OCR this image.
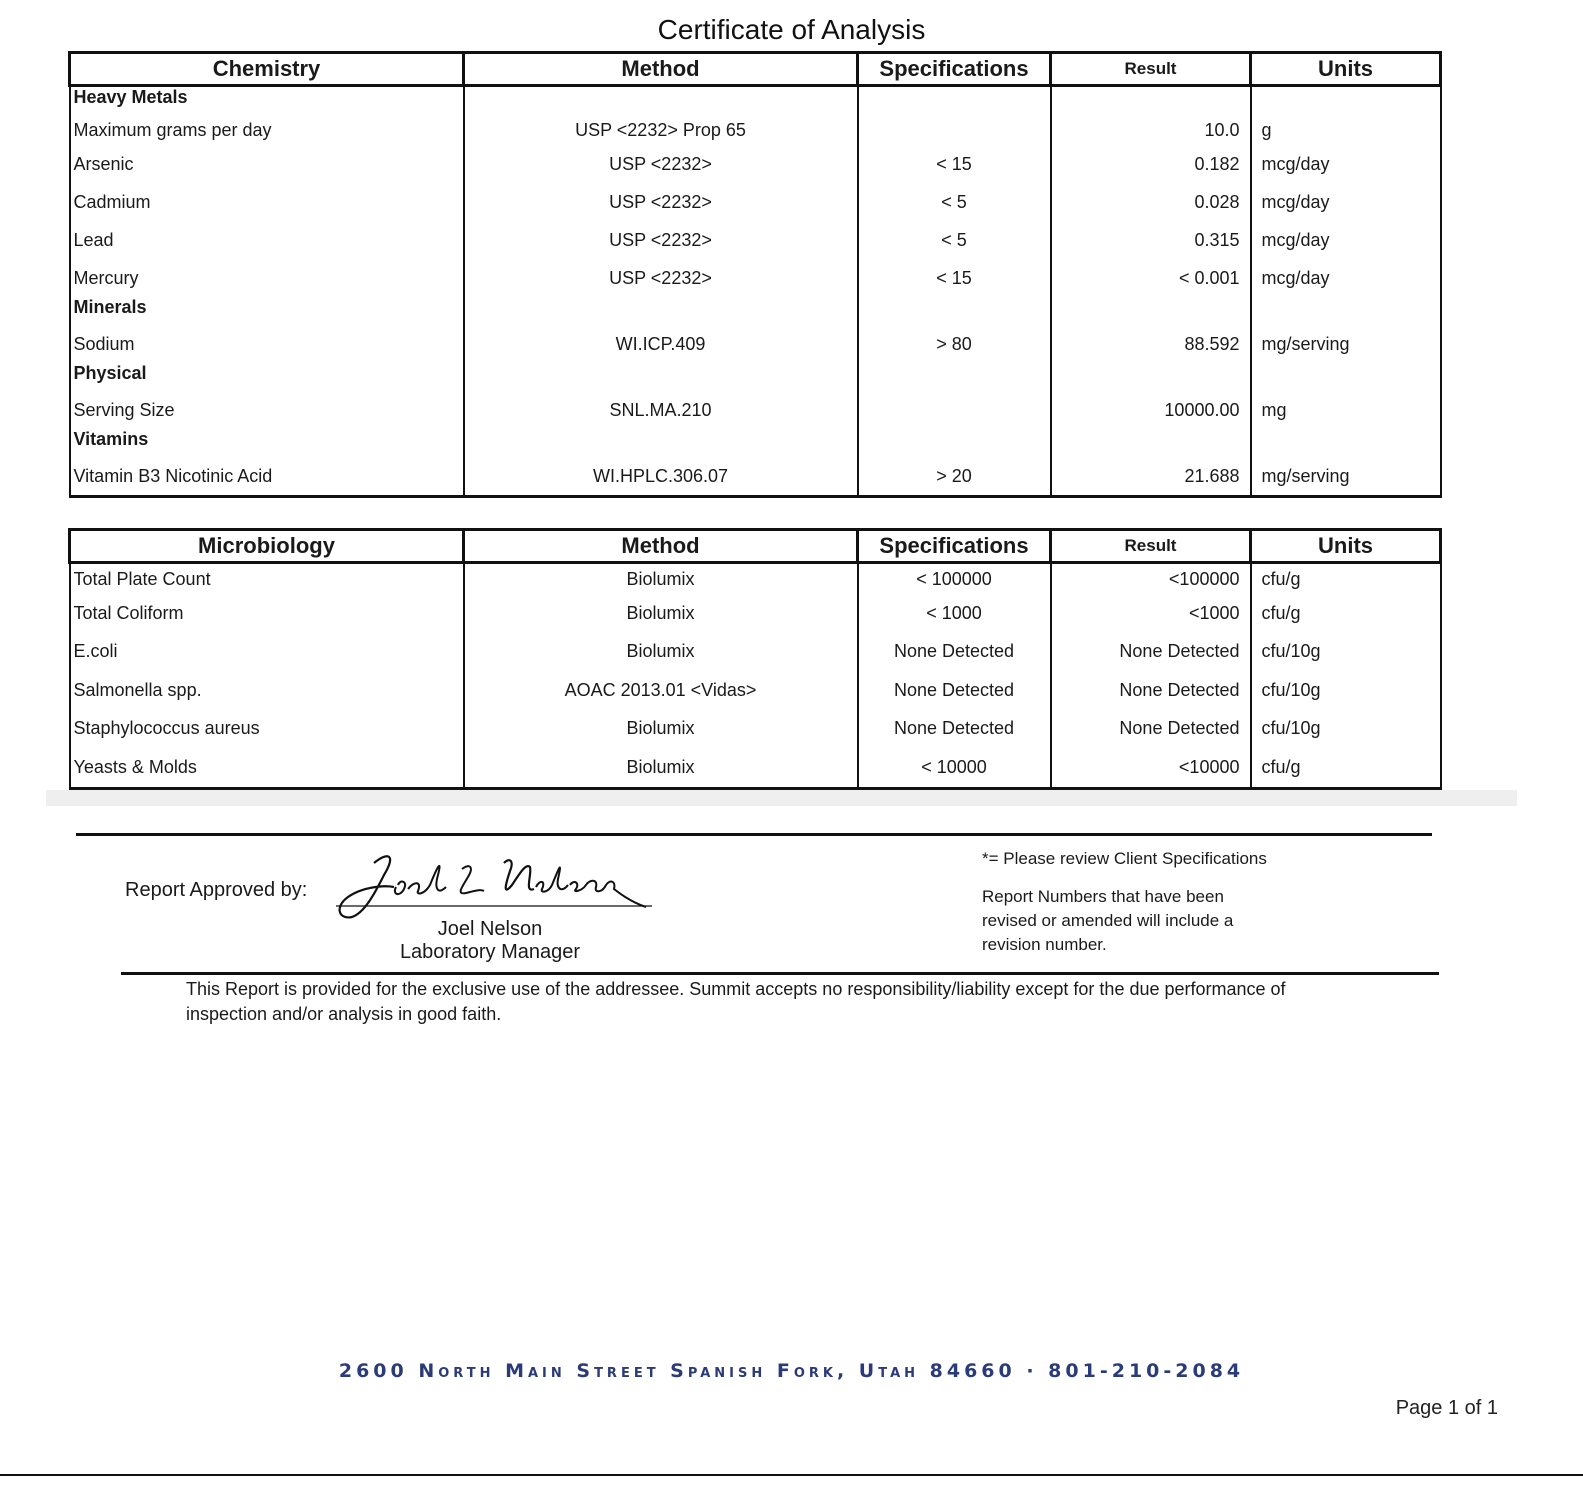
Certificate of Analysis
Chemistry	Method	Specifications	Result	Units
Heavy Metals				
Maximum grams per day	USP <2232> Prop 65		10.0	g
Arsenic	USP <2232>	< 15	0.182	mcg/day
Cadmium	USP <2232>	< 5	0.028	mcg/day
Lead	USP <2232>	< 5	0.315	mcg/day
Mercury	USP <2232>	< 15	< 0.001	mcg/day
Minerals				
Sodium	WI.ICP.409	> 80	88.592	mg/serving
Physical				
Serving Size	SNL.MA.210		10000.00	mg
Vitamins				
Vitamin B3 Nicotinic Acid	WI.HPLC.306.07	> 20	21.688	mg/serving
Microbiology	Method	Specifications	Result	Units
Total Plate Count	Biolumix	< 100000	<100000	cfu/g
Total Coliform	Biolumix	< 1000	<1000	cfu/g
E.coli	Biolumix	None Detected	None Detected	cfu/10g
Salmonella spp.	AOAC 2013.01 <Vidas>	None Detected	None Detected	cfu/10g
Staphylococcus aureus	Biolumix	None Detected	None Detected	cfu/10g
Yeasts & Molds	Biolumix	< 10000	<10000	cfu/g
Report Approved by:
Joel Nelson
Laboratory Manager
*= Please review Client Specifications
Report Numbers that have been revised or amended will include a revision number.
This Report is provided for the exclusive use of the addressee. Summit accepts no responsibility/liability except for the due performance of inspection and/or analysis in good faith.
2600 North Main Street Spanish Fork, Utah 84660 · 801-210-2084
Page 1 of 1
